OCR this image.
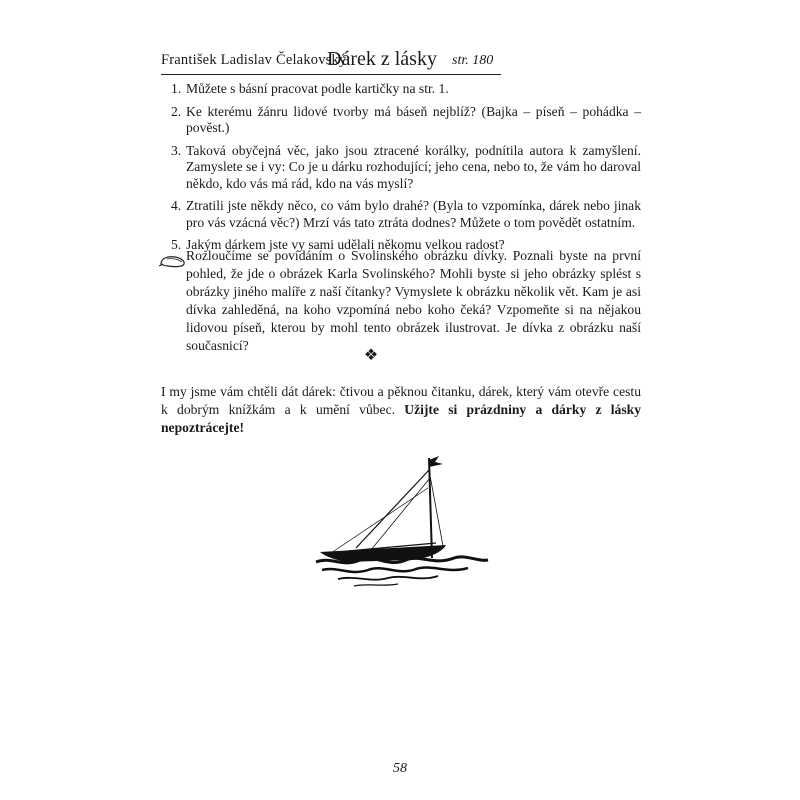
František Ladislav Čelakovský:
Dárek z lásky str. 180
1. Můžete s básní pracovat podle kartičky na str. 1.
2. Ke kterému žánru lidové tvorby má báseň nejblíž? (Bajka – píseň – pohádka – pověst.)
3. Taková obyčejná věc, jako jsou ztracené korálky, podnítila autora k zamyšlení. Zamyslete se i vy: Co je u dárku rozhodující; jeho cena, nebo to, že vám ho daroval někdo, kdo vás má rád, kdo na vás myslí?
4. Ztratili jste někdy něco, co vám bylo drahé? (Byla to vzpomínka, dárek nebo jinak pro vás vzácná věc?) Mrzí vás tato ztráta dodnes? Můžete o tom povědět ostatním.
5. Jakým dárkem jste vy sami udělali někomu velkou radost?

Rozloučíme se povídáním o Svolinského obrázku dívky. Poznali byste na první pohled, že jde o obrázek Karla Svolinského? Mohli byste si jeho obrázky splést s obrázky jiného malíře z naší čítanky? Vymyslete k obrázku několik vět. Kam je asi dívka zahleděná, na koho vzpomíná nebo koho čeká? Vzpomeňte si na nějakou lidovou píseň, kterou by mohl tento obrázek ilustrovat. Je dívka z obrázku naší současnicí?

❖

I my jsme vám chtěli dát dárek: čtivou a pěknou čitanku, dárek, který vám otevře cestu k dobrým knížkám a k umění vůbec. Užijte si prázdniny a dárky z lásky nepoztrácejte!

58
